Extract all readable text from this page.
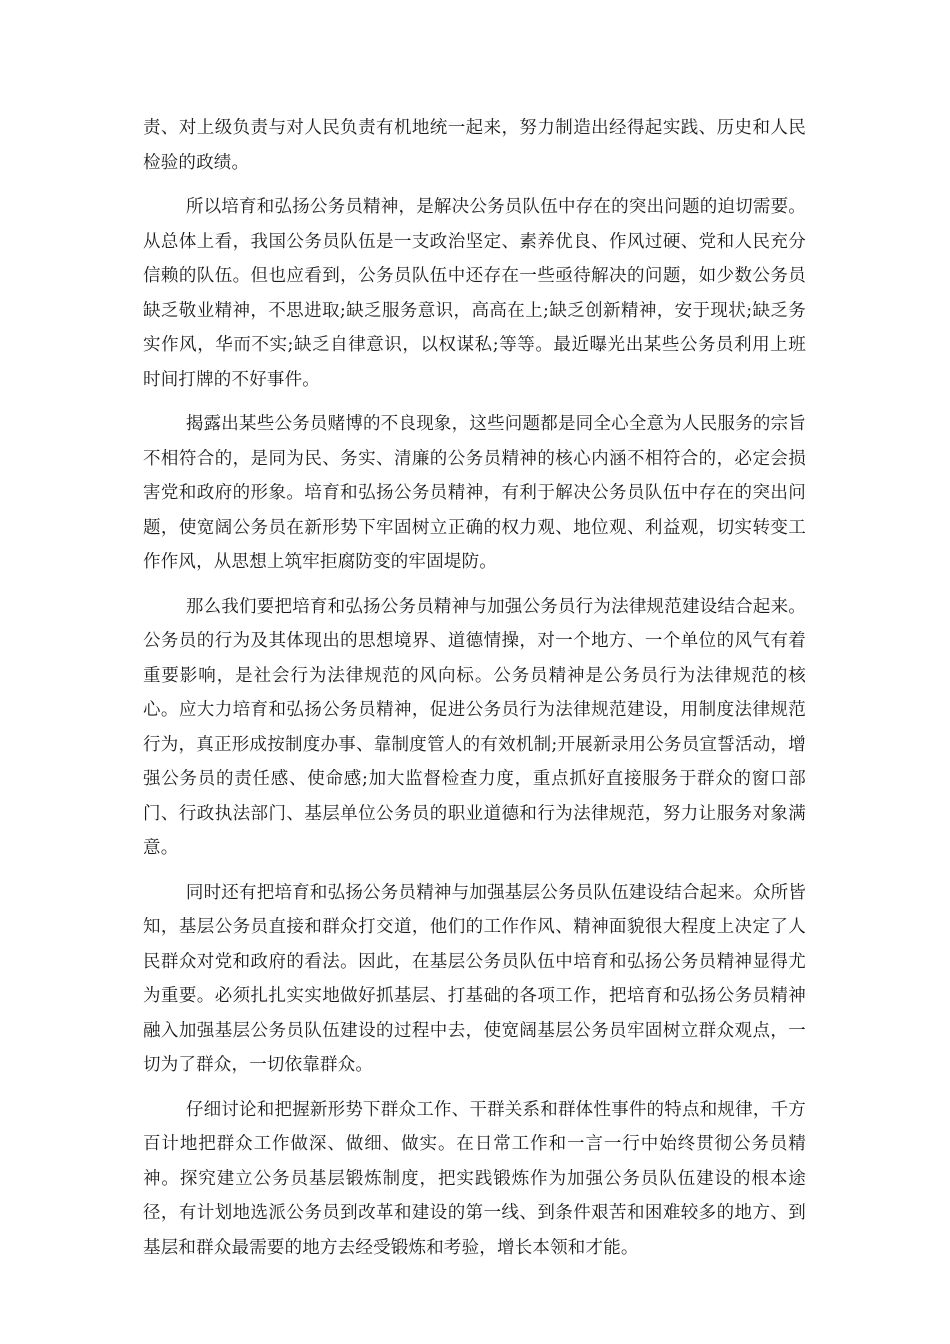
责、对上级负责与对人民负责有机地统一起来，努力制造出经得起实践、历史和人民检验的政绩。

所以培育和弘扬公务员精神，是解决公务员队伍中存在的突出问题的迫切需要。从总体上看，我国公务员队伍是一支政治坚定、素养优良、作风过硬、党和人民充分信赖的队伍。但也应看到，公务员队伍中还存在一些亟待解决的问题，如少数公务员缺乏敬业精神，不思进取;缺乏服务意识，高高在上;缺乏创新精神，安于现状;缺乏务实作风，华而不实;缺乏自律意识，以权谋私;等等。最近曝光出某些公务员利用上班时间打牌的不好事件。

揭露出某些公务员赌博的不良现象，这些问题都是同全心全意为人民服务的宗旨不相符合的，是同为民、务实、清廉的公务员精神的核心内涵不相符合的，必定会损害党和政府的形象。培育和弘扬公务员精神，有利于解决公务员队伍中存在的突出问题，使宽阔公务员在新形势下牢固树立正确的权力观、地位观、利益观，切实转变工作作风，从思想上筑牢拒腐防变的牢固堤防。

那么我们要把培育和弘扬公务员精神与加强公务员行为法律规范建设结合起来。公务员的行为及其体现出的思想境界、道德情操，对一个地方、一个单位的风气有着重要影响，是社会行为法律规范的风向标。公务员精神是公务员行为法律规范的核心。应大力培育和弘扬公务员精神，促进公务员行为法律规范建设，用制度法律规范行为，真正形成按制度办事、靠制度管人的有效机制;开展新录用公务员宣誓活动，增强公务员的责任感、使命感;加大监督检查力度，重点抓好直接服务于群众的窗口部门、行政执法部门、基层单位公务员的职业道德和行为法律规范，努力让服务对象满意。

同时还有把培育和弘扬公务员精神与加强基层公务员队伍建设结合起来。众所皆知，基层公务员直接和群众打交道，他们的工作作风、精神面貌很大程度上决定了人民群众对党和政府的看法。因此，在基层公务员队伍中培育和弘扬公务员精神显得尤为重要。必须扎扎实实地做好抓基层、打基础的各项工作，把培育和弘扬公务员精神融入加强基层公务员队伍建设的过程中去，使宽阔基层公务员牢固树立群众观点，一切为了群众，一切依靠群众。

仔细讨论和把握新形势下群众工作、干群关系和群体性事件的特点和规律，千方百计地把群众工作做深、做细、做实。在日常工作和一言一行中始终贯彻公务员精神。探究建立公务员基层锻炼制度，把实践锻炼作为加强公务员队伍建设的根本途径，有计划地选派公务员到改革和建设的第一线、到条件艰苦和困难较多的地方、到基层和群众最需要的地方去经受锻炼和考验，增长本领和才能。
